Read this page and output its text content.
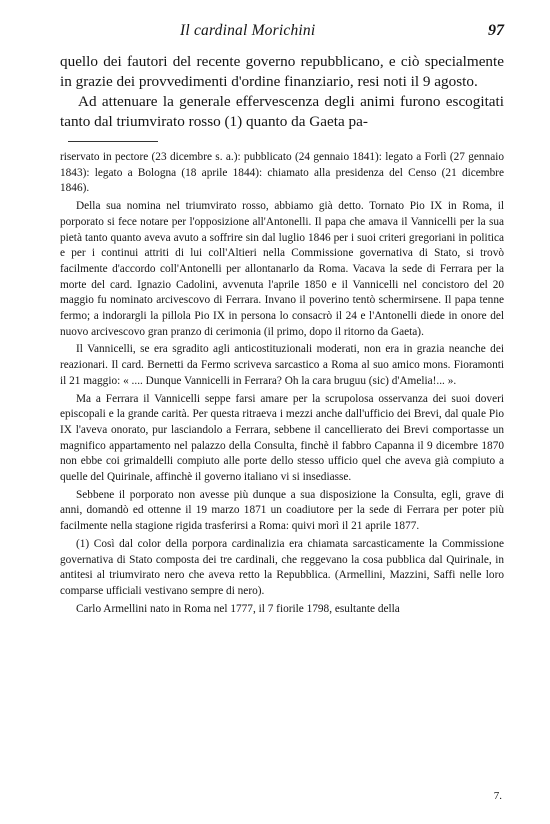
Il cardinal Morichini	97

quello dei fautori del recente governo repubblicano, e ciò specialmente in grazie dei provvedimenti d'ordine finanziario, resi noti il 9 agosto.

Ad attenuare la generale effervescenza degli animi furono escogitati tanto dal triumvirato rosso (1) quanto da Gaeta pa-

riservato in pectore (23 dicembre s. a.): pubblicato (24 gennaio 1841): legato a Forlì (27 gennaio 1843): legato a Bologna (18 aprile 1844): chiamato alla presidenza del Censo (21 dicembre 1846).

Della sua nomina nel triumvirato rosso, abbiamo già detto. Tornato Pio IX in Roma, il porporato si fece notare per l'opposizione all'Antonelli. Il papa che amava il Vannicelli per la sua pietà tanto quanto aveva avuto a soffrire sin dal luglio 1846 per i suoi criteri gregoriani in politica e per i continui attriti di lui coll'Altieri nella Commissione governativa di Stato, si trovò facilmente d'accordo coll'Antonelli per allontanarlo da Roma. Vacava la sede di Ferrara per la morte del card. Ignazio Cadolini, avvenuta l'aprile 1850 e il Vannicelli nel concistoro del 20 maggio fu nominato arcivescovo di Ferrara. Invano il poverino tentò schermirsene. Il papa tenne fermo; a indorargli la pillola Pio IX in persona lo consacrò il 24 e l'Antonelli diede in onore del nuovo arcivescovo gran pranzo di cerimonia (il primo, dopo il ritorno da Gaeta).

Il Vannicelli, se era sgradito agli anticostituzionali moderati, non era in grazia neanche dei reazionari. Il card. Bernetti da Fermo scriveva sarcastico a Roma al suo amico mons. Fioramonti il 21 maggio: « .... Dunque Vannicelli in Ferrara? Oh la cara bruguu (sic) d'Amelia!... ».

Ma a Ferrara il Vannicelli seppe farsi amare per la scrupolosa osservanza dei suoi doveri episcopali e la grande carità. Per questa ritraeva i mezzi anche dall'ufficio dei Brevi, dal quale Pio IX l'aveva onorato, pur lasciandolo a Ferrara, sebbene il cancellierato dei Brevi comportasse un magnifico appartamento nel palazzo della Consulta, finchè il fabbro Capanna il 9 dicembre 1870 non ebbe coi grimaldelli compiuto alle porte dello stesso ufficio quel che aveva già compiuto a quelle del Quirinale, affinchè il governo italiano vi si insediasse.

Sebbene il porporato non avesse più dunque a sua disposizione la Consulta, egli, grave di anni, domandò ed ottenne il 19 marzo 1871 un coadiutore per la sede di Ferrara per poter più facilmente nella stagione rigida trasferirsi a Roma: quivi morì il 21 aprile 1877.

(1) Così dal color della porpora cardinalizia era chiamata sarcasticamente la Commissione governativa di Stato composta dei tre cardinali, che reggevano la cosa pubblica dal Quirinale, in antitesi al triumvirato nero che aveva retto la Repubblica. (Armellini, Mazzini, Saffi nelle loro comparse ufficiali vestivano sempre di nero).

Carlo Armellini nato in Roma nel 1777, il 7 fiorile 1798, esultante della

7.
